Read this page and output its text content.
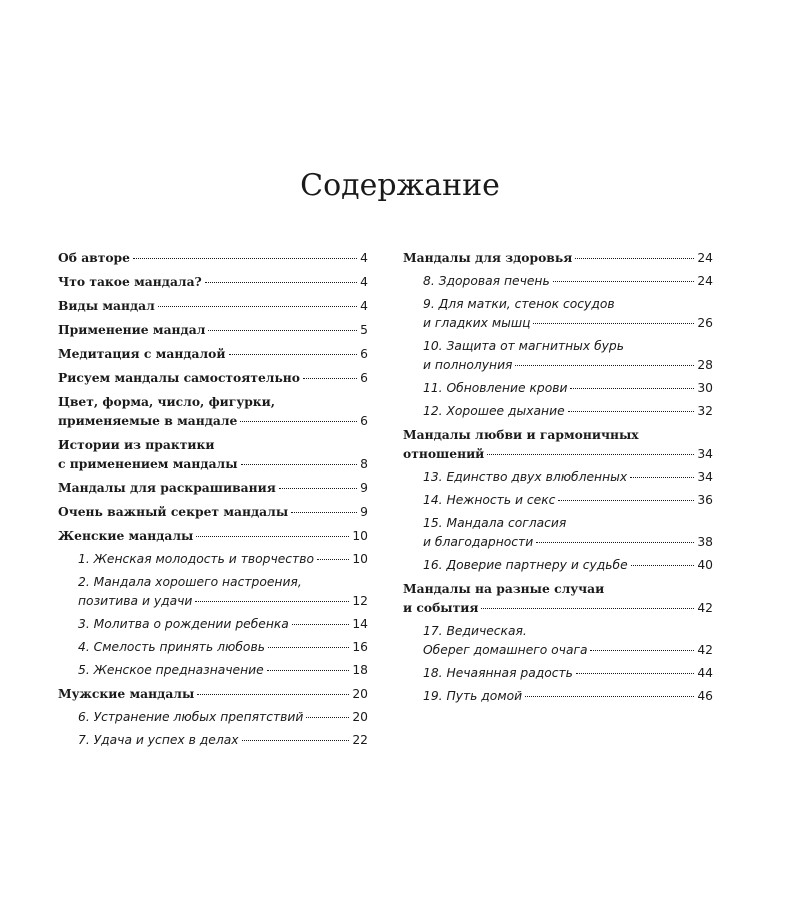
Содержание
Об авторе	4
Что такое мандала?	4
Виды мандал	4
Применение мандал	5
Медитация с мандалой	6
Рисуем мандалы самостоятельно	6
Цвет, форма, число, фигурки,
применяемые в мандале	6
Истории из практики
с применением мандалы	8
Мандалы для раскрашивания	9
Очень важный секрет мандалы	9
Женские мандалы	10
1. Женская молодость и творчество	10
2. Мандала хорошего настроения,
позитива и удачи	12
3. Молитва о рождении ребенка	14
4. Смелость принять любовь	16
5. Женское предназначение	18
Мужские мандалы	20
6. Устранение любых препятствий	20
7. Удача и успех в делах	22
Мандалы для здоровья	24
8. Здоровая печень	24
9. Для матки, стенок сосудов
и гладких мышц	26
10. Защита от магнитных бурь
и полнолуния	28
11. Обновление крови	30
12. Хорошее дыхание	32
Мандалы любви и гармоничных
отношений	34
13. Единство двух влюбленных	34
14. Нежность и секс	36
15. Мандала согласия
и благодарности	38
16. Доверие партнеру и судьбе	40
Мандалы на разные случаи
и события	42
17. Ведическая.
Оберег домашнего очага	42
18. Нечаянная радость	44
19. Путь домой	46
